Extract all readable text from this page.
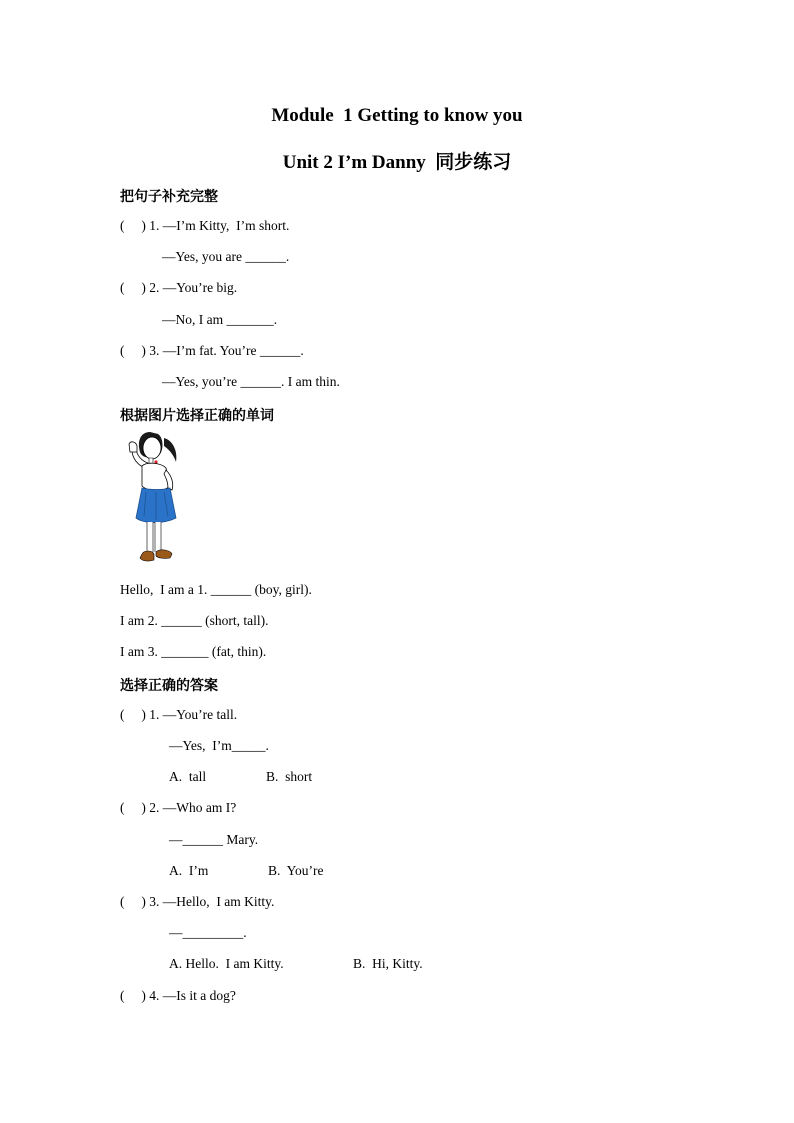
Module  1 Getting to know you
Unit 2 I’m Danny  同步练习
把句子补充完整
(     ) 1. —I’m Kitty,  I’m short.
—Yes, you are ______.
(     ) 2. —You’re big.
—No, I am _______.
(     ) 3. —I’m fat. You’re ______.
—Yes, you’re ______. I am thin.
根据图片选择正确的单词
Hello,  I am a 1. ______ (boy, girl).
I am 2. ______ (short, tall).
I am 3. _______ (fat, thin).
选择正确的答案
(     ) 1. —You’re tall.
—Yes,  I’m_____.
A.  tall	B.  short
(     ) 2. —Who am I?
—______ Mary.
A.  I’m	B.  You’re
(     ) 3. —Hello,  I am Kitty.
—_________.
A. Hello.  I am Kitty.	B.  Hi, Kitty.
(     ) 4. —Is it a dog?
